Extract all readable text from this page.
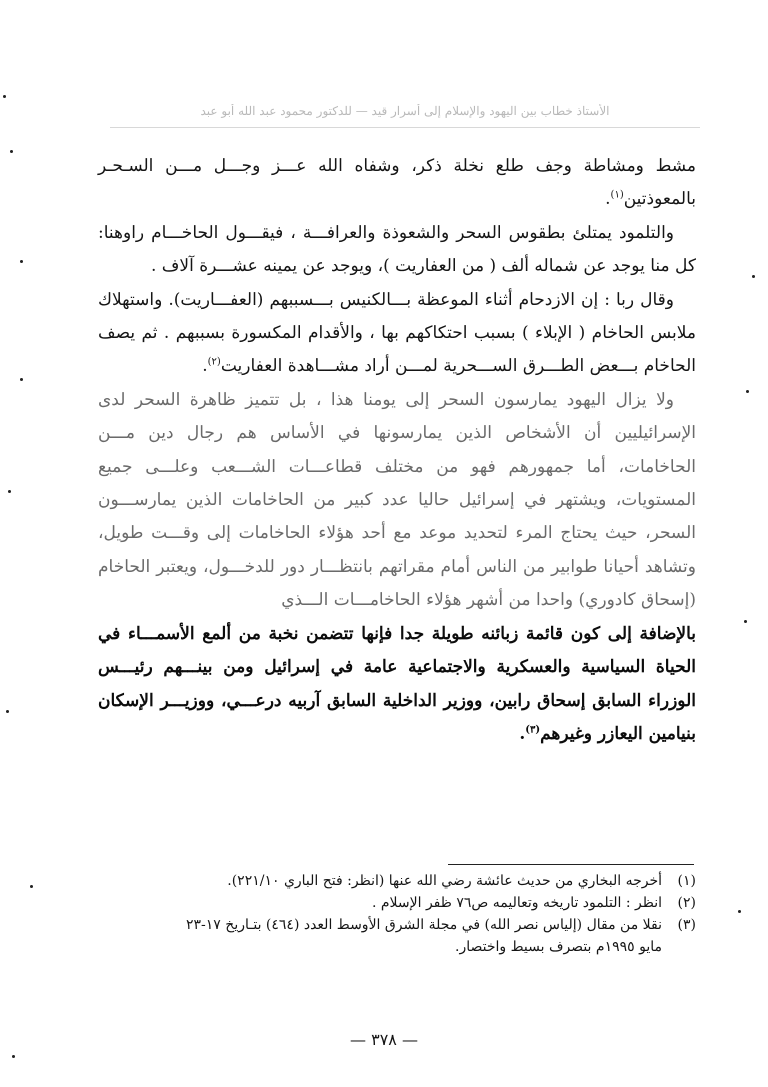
الأستاذ خطاب بين اليهود والإسلام إلى أسرار قيد — للدكتور محمود عبد الله أبو عبد

مشط ومشاطة وجف طلع نخلة ذكر، وشفاه الله عـــز وجـــل مـــن السـحـر بالمعوذتين$^{(١)}$.

والتلمود يمتلئ بطقوس السحر والشعوذة والعرافـــة ، فيقـــول الحاخـــام راوهنا: كل منا يوجد عن شماله ألف ( من العفاريت )، ويوجد عن يمينه عشـــرة آلاف .

وقال ربا : إن الازدحام أثناء الموعظة بـــالكنيس بـــسببهم (العفـــاريت). واستهلاك ملابس الحاخام ( الإبلاء ) بسبب احتكاكهم بها ، والأقدام المكسورة بسببهم . ثم يصف الحاخام بـــعض الطـــرق الســـحرية لمـــن أراد مشـــاهدة العفاريت$^{(٢)}$.

ولا يزال اليهود يمارسون السحر إلى يومنا هذا ، بل تتميز ظاهرة السحر لدى الإسرائيليين أن الأشخاص الذين يمارسونها في الأساس هم رجال دين مـــن الحاخامات، أما جمهورهم فهو من مختلف قطاعـــات الشـــعب وعلـــى جميع المستويات، ويشتهر في إسرائيل حاليا عدد كبير من الحاخامات الذين يمارســـون السحر، حيث يحتاج المرء لتحديد موعد مع أحد هؤلاء الحاخامات إلى وقـــت طويل، وتشاهد أحيانا طوابير من الناس أمام مقراتهم بانتظـــار دور للدخـــول، ويعتبر الحاخام (إسحاق كادوري) واحدا من أشهر هؤلاء الحاخامـــات الـــذي

بالإضافة إلى كون قائمة زبائنه طويلة جدا فإنها تتضمن نخبة من ألمع الأسمـــاء في الحياة السياسية والعسكرية والاجتماعية عامة في إسرائيل ومن بينـــهم رئيـــس الوزراء السابق إسحاق رابين، ووزير الداخلية السابق آربيه درعـــي، ووزيـــر الإسكان بنيامين اليعازر وغيرهم$^{(٣)}$.

(١)
أخرجه البخاري من حديث عائشة رضي الله عنها (انظر: فتح الباري ٢٢١/١٠).
(٢)
انظر : التلمود تاريخه وتعاليمه ص٧٦ ظفر الإسلام .
(٣)
نقلا من مقال (إلياس نصر الله) في مجلة الشرق الأوسط العدد (٤٦٤) بتـاريخ ١٧-٢٣
مايو ١٩٩٥م بتصرف بسيط واختصار.
— ٣٧٨ —
